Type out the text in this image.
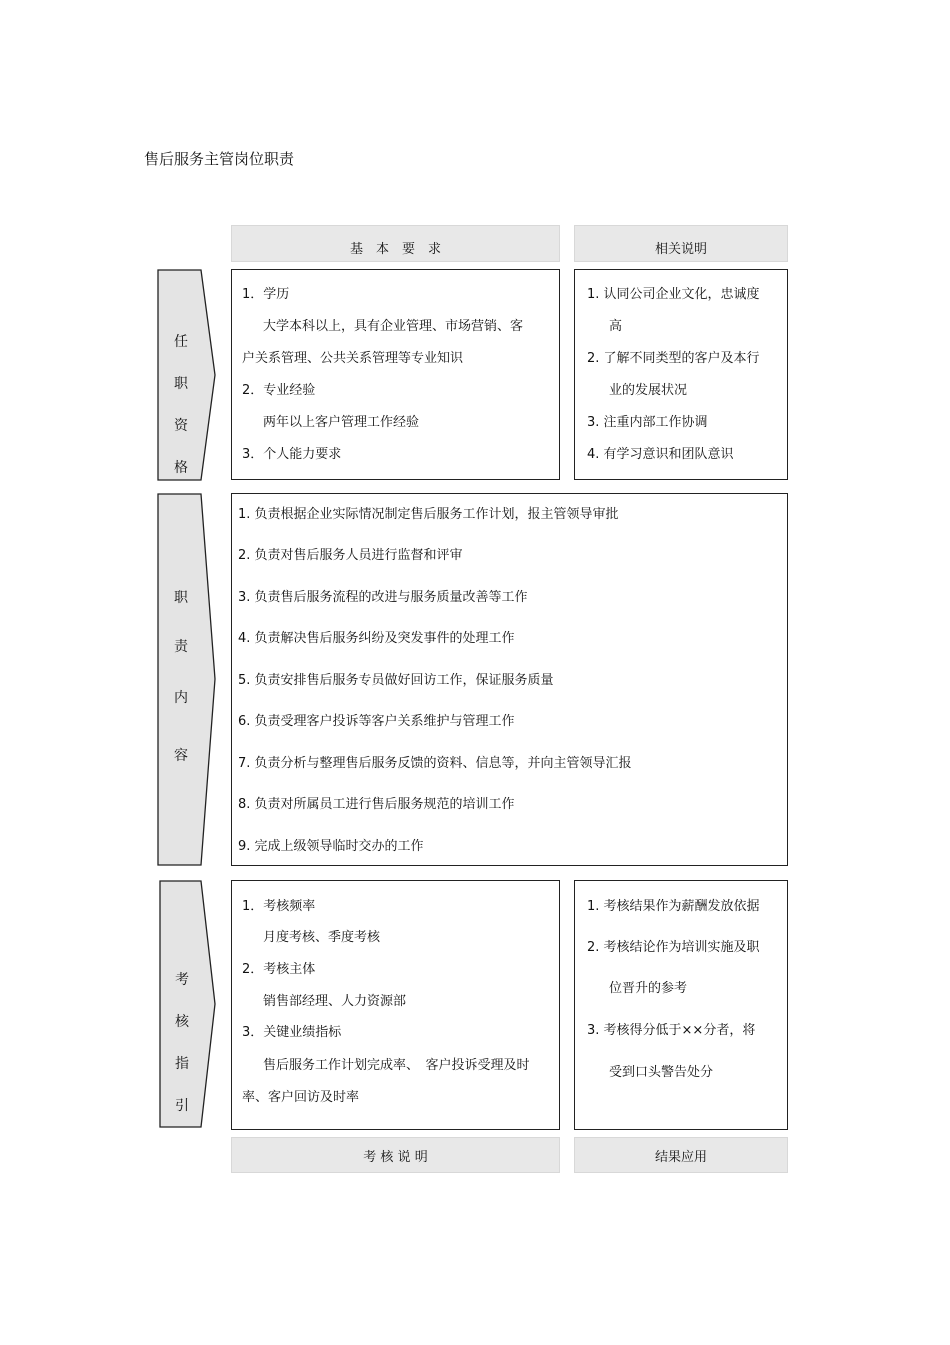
售后服务主管岗位职责
基　本　要　求	相关说明
任
职
资
格
1．学历
大学本科以上，具有企业管理、市场营销、客
户关系管理、公共关系管理等专业知识
2．专业经验
两年以上客户管理工作经验
3．个人能力要求
1. 认同公司企业文化，忠诚度
高
2. 了解不同类型的客户及本行
业的发展状况
3. 注重内部工作协调
4. 有学习意识和团队意识
职
责
内
容
1. 负责根据企业实际情况制定售后服务工作计划，报主管领导审批
2. 负责对售后服务人员进行监督和评审
3. 负责售后服务流程的改进与服务质量改善等工作
4. 负责解决售后服务纠纷及突发事件的处理工作
5. 负责安排售后服务专员做好回访工作，保证服务质量
6. 负责受理客户投诉等客户关系维护与管理工作
7. 负责分析与整理售后服务反馈的资料、信息等，并向主管领导汇报
8. 负责对所属员工进行售后服务规范的培训工作
9. 完成上级领导临时交办的工作
考
核
指
引
1．考核频率
月度考核、季度考核
2．考核主体
销售部经理、人力资源部
3．关键业绩指标
售后服务工作计划完成率、　客户投诉受理及时
率、客户回访及时率
1. 考核结果作为薪酬发放依据
2. 考核结论作为培训实施及职
位晋升的参考
3. 考核得分低于××分者，将
受到口头警告处分
考 核 说 明	结果应用
